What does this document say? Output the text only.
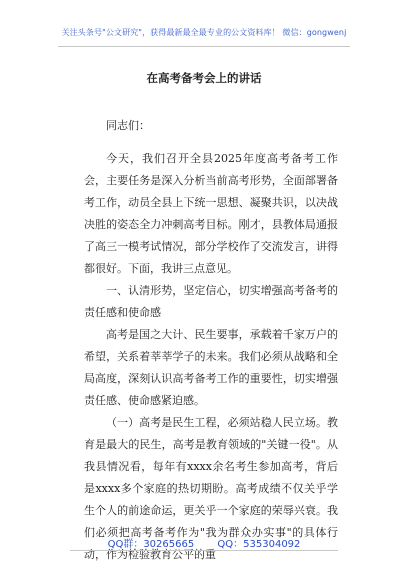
关注头条号"公文研究"，获得最新最全最专业的公文资料库！ 微信：gongwenj
在高考备考会上的讲话

同志们：

今天，我们召开全县2025年度高考备考工作会，主要任务是深入分析当前高考形势，全面部署备考工作，动员全县上下统一思想、凝聚共识，以决战决胜的姿态全力冲刺高考目标。刚才，县教体局通报了高三一模考试情况，部分学校作了交流发言，讲得都很好。下面，我讲三点意见。

一、认清形势，坚定信心，切实增强高考备考的责任感和使命感

高考是国之大计、民生要事，承载着千家万户的希望，关系着莘莘学子的未来。我们必须从战略和全局高度，深刻认识高考备考工作的重要性，切实增强责任感、使命感紧迫感。

（一）高考是民生工程，必须站稳人民立场。教育是最大的民生，高考是教育领域的"关键一役"。从我县情况看，每年有xxxx余名考生参加高考，背后是xxxx多个家庭的热切期盼。高考成绩不仅关乎学生个人的前途命运，更关乎一个家庭的荣辱兴衰。我们必须把高考备考作为"我为群众办实事"的具体行动，作为检验教育公平的重

QQ群：30265665 QQ：535304092
